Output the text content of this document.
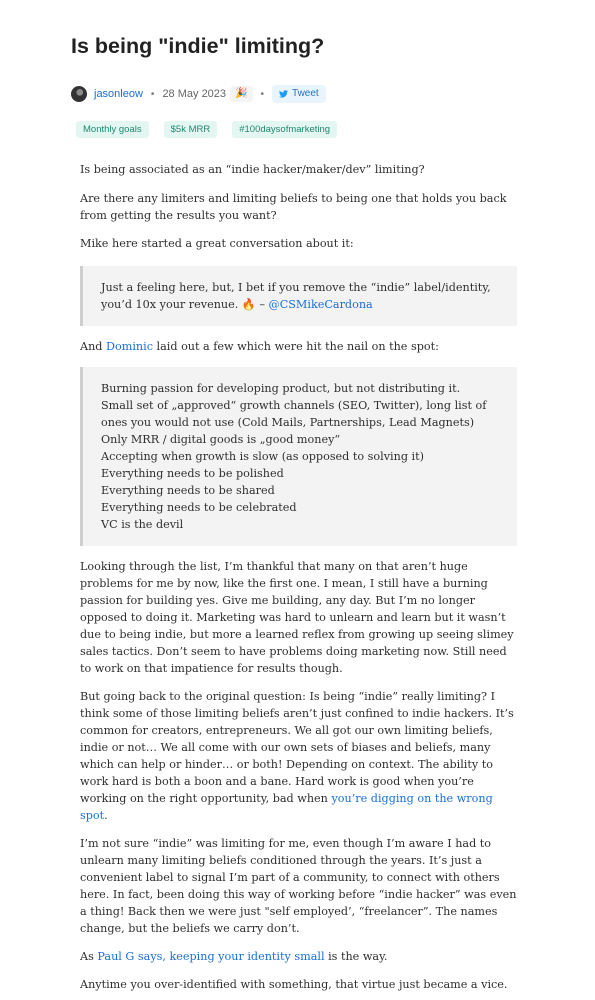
Is being "indie" limiting?
jasonleow • 28 May 2023 🎉	•	Tweet
Monthly goals	$5k MRR	#100daysofmarketing

Is being associated as an “indie hacker/maker/dev” limiting?

Are there any limiters and limiting beliefs to being one that holds you back from getting the results you want?

Mike here started a great conversation about it:

Just a feeling here, but, I bet if you remove the “indie” label/identity,
you’d 10x your revenue. 🔥 – @CSMikeCardona

And Dominic laid out a few which were hit the nail on the spot:

Burning passion for developing product, but not distributing it.
Small set of „approved“ growth channels (SEO, Twitter), long list of ones you would not use (Cold Mails, Partnerships, Lead Magnets)
Only MRR / digital goods is „good money“
Accepting when growth is slow (as opposed to solving it)
Everything needs to be polished
Everything needs to be shared
Everything needs to be celebrated
VC is the devil

Looking through the list, I’m thankful that many on that aren’t huge problems for me by now, like the first one. I mean, I still have a burning passion for building yes. Give me building, any day. But I’m no longer opposed to doing it. Marketing was hard to unlearn and learn but it wasn’t due to being indie, but more a learned reflex from growing up seeing slimey sales tactics. Don’t seem to have problems doing marketing now. Still need to work on that impatience for results though.

But going back to the original question: Is being “indie” really limiting? I think some of those limiting beliefs aren’t just confined to indie hackers. It’s common for creators, entrepreneurs. We all got our own limiting beliefs, indie or not… We all come with our own sets of biases and beliefs, many which can help or hinder… or both! Depending on context. The ability to work hard is both a boon and a bane. Hard work is good when you’re working on the right opportunity, bad when you’re digging on the wrong spot.

I’m not sure “indie” was limiting for me, even though I’m aware I had to unlearn many limiting beliefs conditioned through the years. It’s just a convenient label to signal I’m part of a community, to connect with others here. In fact, been doing this way of working before “indie hacker” was even a thing! Back then we were just "self employed’, “freelancer”. The names change, but the beliefs we carry don’t.

As Paul G says, keeping your identity small is the way.

Anytime you over-identified with something, that virtue just became a vice.
